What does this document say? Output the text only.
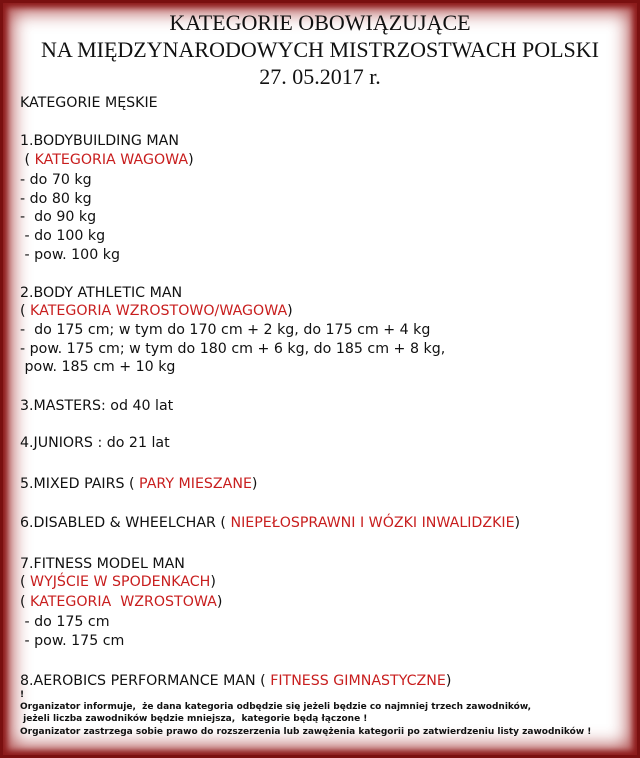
KATEGORIE OBOWIĄZUJĄCE
NA MIĘDZYNARODOWYCH MISTRZOSTWACH POLSKI
27. 05.2017 r.
KATEGORIE MĘSKIE
1.BODYBUILDING MAN
( KATEGORIA WAGOWA)
- do 70 kg
- do 80 kg
-  do 90 kg
- do 100 kg
- pow. 100 kg
2.BODY ATHLETIC MAN
( KATEGORIA WZROSTOWO/WAGOWA)
-  do 175 cm; w tym do 170 cm + 2 kg, do 175 cm + 4 kg
- pow. 175 cm; w tym do 180 cm + 6 kg, do 185 cm + 8 kg,
pow. 185 cm + 10 kg
3.MASTERS: od 40 lat
4.JUNIORS : do 21 lat
5.MIXED PAIRS ( PARY MIESZANE)
6.DISABLED & WHEELCHAR ( NIEPEŁOSPRAWNI I WÓZKI INWALIDZKIE)
7.FITNESS MODEL MAN
( WYJŚCIE W SPODENKACH)
( KATEGORIA  WZROSTOWA)
- do 175 cm
- pow. 175 cm
8.AEROBICS PERFORMANCE MAN ( FITNESS GIMNASTYCZNE)
!
Organizator informuje,  że dana kategoria odbędzie się jeżeli będzie co najmniej trzech zawodników,
jeżeli liczba zawodników będzie mniejsza,  kategorie będą łączone !
Organizator zastrzega sobie prawo do rozszerzenia lub zawężenia kategorii po zatwierdzeniu listy zawodników !
